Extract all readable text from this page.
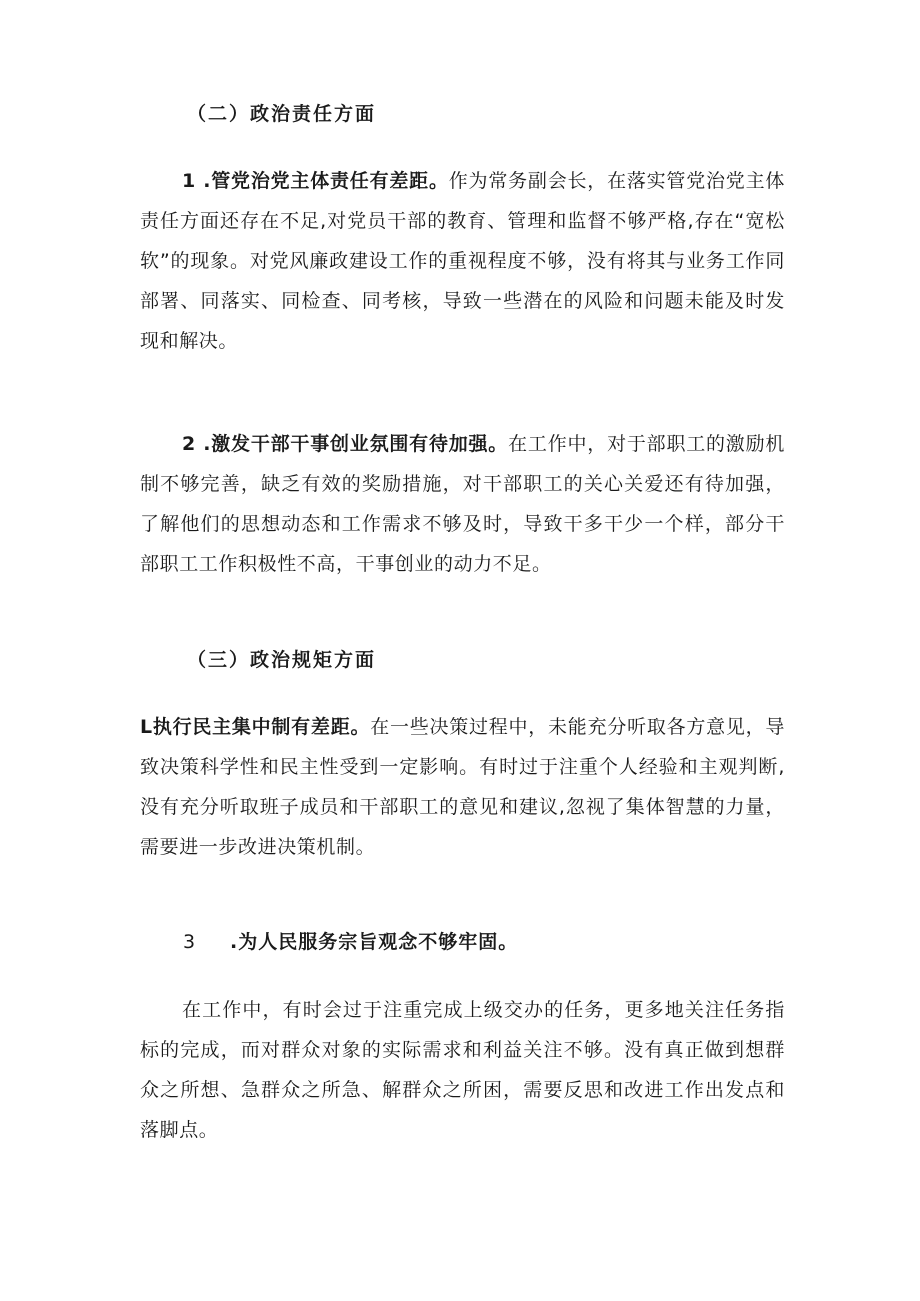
（二）政治责任方面
1 .管党治党主体责任有差距。作为常务副会长，在落实管党治党主体责任方面还存在不足,对党员干部的教育、管理和监督不够严格,存在“宽松软”的现象。对党风廉政建设工作的重视程度不够，没有将其与业务工作同部署、同落实、同检查、同考核，导致一些潜在的风险和问题未能及时发现和解决。
2 .激发干部干事创业氛围有待加强。在工作中，对于部职工的激励机制不够完善，缺乏有效的奖励措施，对干部职工的关心关爱还有待加强，了解他们的思想动态和工作需求不够及时，导致干多干少一个样，部分干部职工工作积极性不高，干事创业的动力不足。
（三）政治规矩方面
L执行民主集中制有差距。在一些决策过程中，未能充分听取各方意见，导致决策科学性和民主性受到一定影响。有时过于注重个人经验和主观判断,没有充分听取班子成员和干部职工的意见和建议,忽视了集体智慧的力量，需要进一步改进决策机制。
3 .为人民服务宗旨观念不够牢固。
在工作中，有时会过于注重完成上级交办的任务，更多地关注任务指标的完成，而对群众对象的实际需求和利益关注不够。没有真正做到想群众之所想、急群众之所急、解群众之所困，需要反思和改进工作出发点和落脚点。
